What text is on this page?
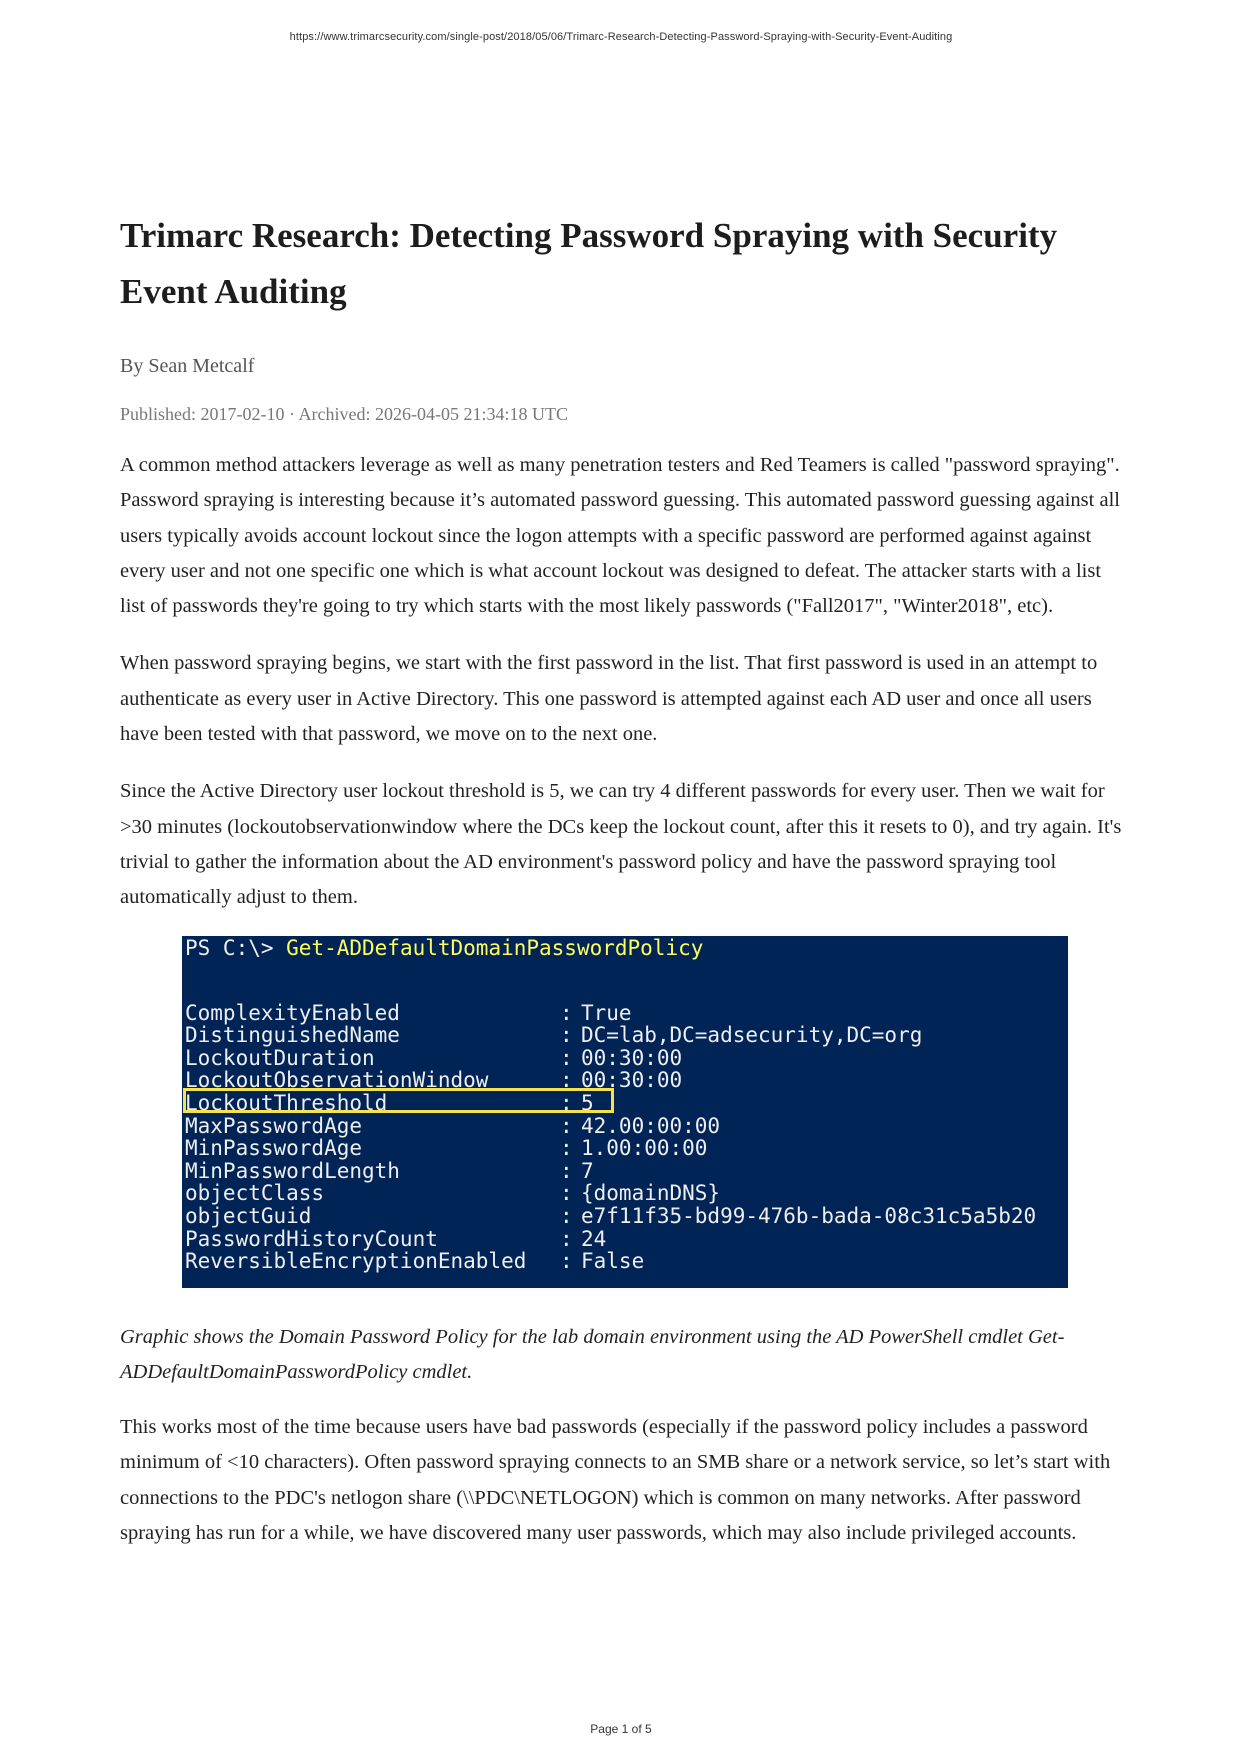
https://www.trimarcsecurity.com/single-post/2018/05/06/Trimarc-Research-Detecting-Password-Spraying-with-Security-Event-Auditing
Trimarc Research: Detecting Password Spraying with Security Event Auditing

By Sean Metcalf

Published: 2017-02-10 · Archived: 2026-04-05 21:34:18 UTC

A common method attackers leverage as well as many penetration testers and Red Teamers is called "password spraying". Password spraying is interesting because it’s automated password guessing. This automated password guessing against all users typically avoids account lockout since the logon attempts with a specific password are performed against against every user and not one specific one which is what account lockout was designed to defeat. The attacker starts with a list list of passwords they're going to try which starts with the most likely passwords ("Fall2017", "Winter2018", etc).

When password spraying begins, we start with the first password in the list. That first password is used in an attempt to authenticate as every user in Active Directory. This one password is attempted against each AD user and once all users have been tested with that password, we move on to the next one.

Since the Active Directory user lockout threshold is 5, we can try 4 different passwords for every user. Then we wait for >30 minutes (lockoutobservationwindow where the DCs keep the lockout count, after this it resets to 0), and try again. It's trivial to gather the information about the AD environment's password policy and have the password spraying tool automatically adjust to them.

PS C:\> Get-ADDefaultDomainPasswordPolicy
ComplexityEnabled	: True
DistinguishedName	: DC=lab,DC=adsecurity,DC=org
LockoutDuration	: 00:30:00
LockoutObservationWindow	: 00:30:00
LockoutThreshold	: 5
MaxPasswordAge	: 42.00:00:00
MinPasswordAge	: 1.00:00:00
MinPasswordLength	: 7
objectClass	: {domainDNS}
objectGuid	: e7f11f35-bd99-476b-bada-08c31c5a5b20
PasswordHistoryCount	: 24
ReversibleEncryptionEnabled : False

Graphic shows the Domain Password Policy for the lab domain environment using the AD PowerShell cmdlet Get-ADDefaultDomainPasswordPolicy cmdlet.

This works most of the time because users have bad passwords (especially if the password policy includes a password minimum of <10 characters). Often password spraying connects to an SMB share or a network service, so let’s start with connections to the PDC's netlogon share (\\PDC\NETLOGON) which is common on many networks. After password spraying has run for a while, we have discovered many user passwords, which may also include privileged accounts.

Page 1 of 5
